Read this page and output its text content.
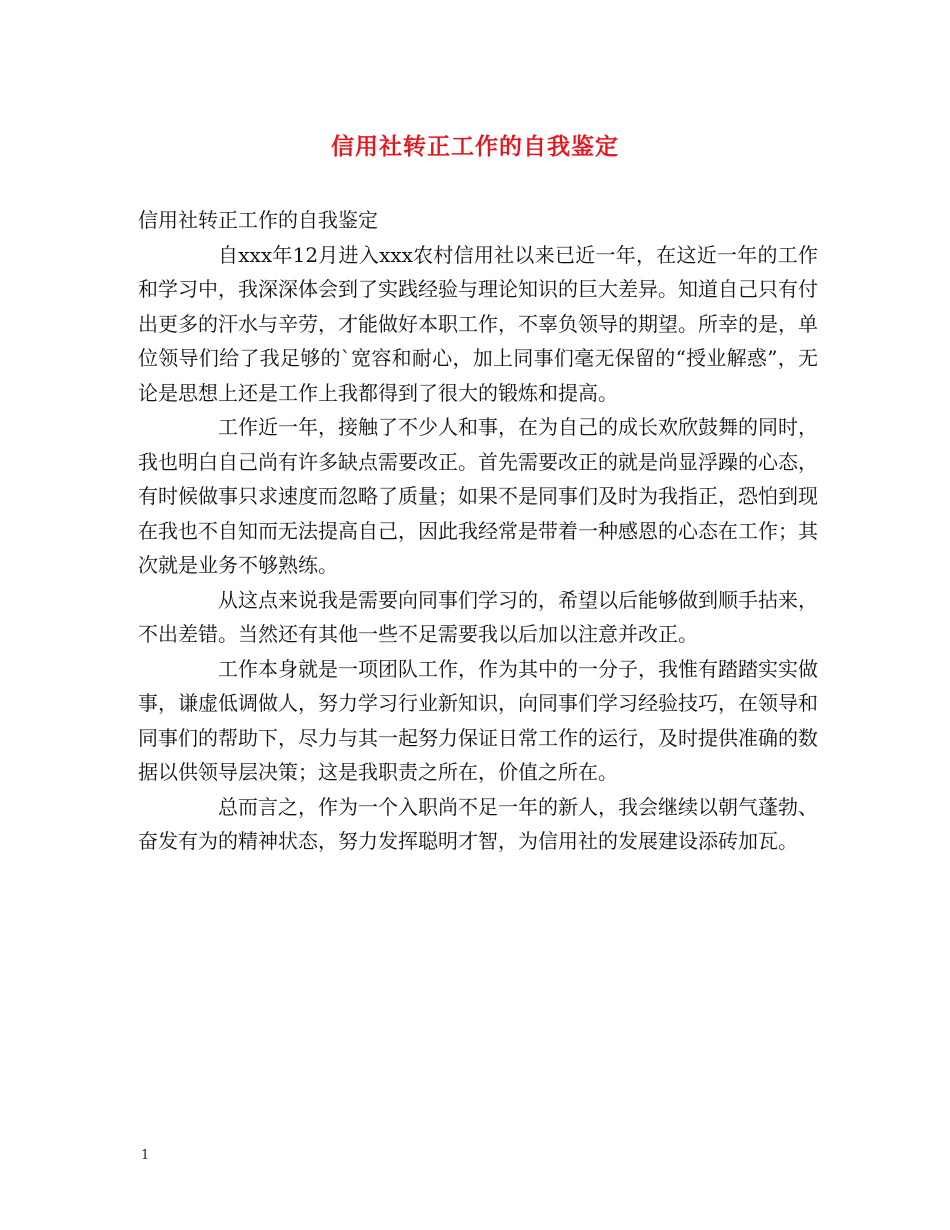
信用社转正工作的自我鉴定

信用社转正工作的自我鉴定

自xxx年12月进入xxx农村信用社以来已近一年，在这近一年的工作和学习中，我深深体会到了实践经验与理论知识的巨大差异。知道自己只有付出更多的汗水与辛劳，才能做好本职工作，不辜负领导的期望。所幸的是，单位领导们给了我足够的`宽容和耐心，加上同事们毫无保留的“授业解惑”，无论是思想上还是工作上我都得到了很大的锻炼和提高。

工作近一年，接触了不少人和事，在为自己的成长欢欣鼓舞的同时，我也明白自己尚有许多缺点需要改正。首先需要改正的就是尚显浮躁的心态，有时候做事只求速度而忽略了质量；如果不是同事们及时为我指正，恐怕到现在我也不自知而无法提高自己，因此我经常是带着一种感恩的心态在工作；其次就是业务不够熟练。

从这点来说我是需要向同事们学习的，希望以后能够做到顺手拈来，不出差错。当然还有其他一些不足需要我以后加以注意并改正。

工作本身就是一项团队工作，作为其中的一分子，我惟有踏踏实实做事，谦虚低调做人，努力学习行业新知识，向同事们学习经验技巧，在领导和同事们的帮助下，尽力与其一起努力保证日常工作的运行，及时提供准确的数据以供领导层决策；这是我职责之所在，价值之所在。

总而言之，作为一个入职尚不足一年的新人，我会继续以朝气蓬勃、奋发有为的精神状态，努力发挥聪明才智，为信用社的发展建设添砖加瓦。

1
